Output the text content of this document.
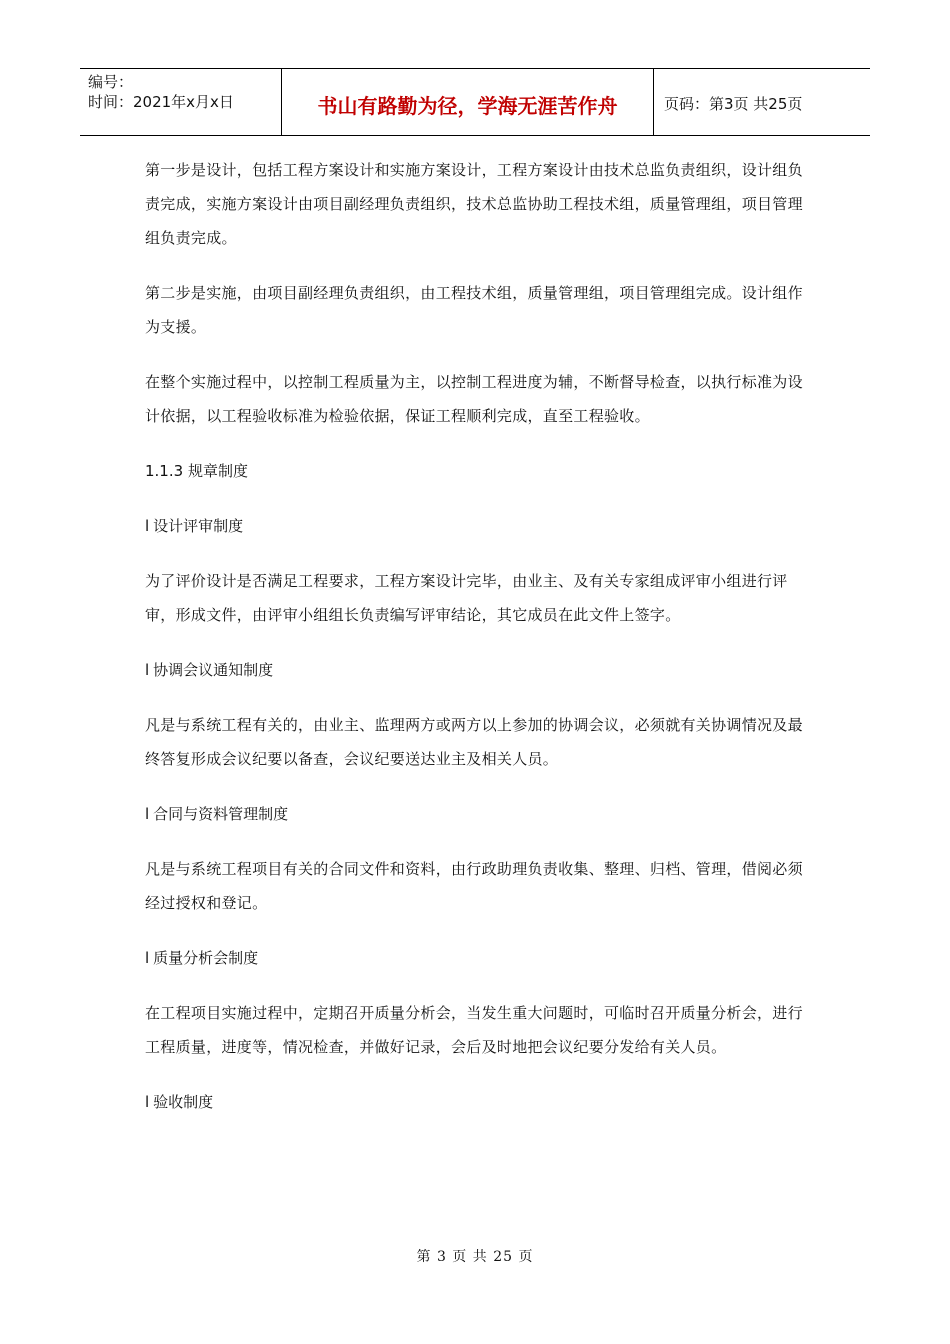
编号：
时间：2021年x月x日	书山有路勤为径，学海无涯苦作舟	页码：第3页 共25页

第一步是设计，包括工程方案设计和实施方案设计，工程方案设计由技术总监负责组织，设计组负责完成，实施方案设计由项目副经理负责组织，技术总监协助工程技术组，质量管理组，项目管理组负责完成。

第二步是实施，由项目副经理负责组织，由工程技术组，质量管理组，项目管理组完成。设计组作为支援。

在整个实施过程中，以控制工程质量为主，以控制工程进度为辅，不断督导检查，以执行标准为设计依据，以工程验收标准为检验依据，保证工程顺利完成，直至工程验收。

1.1.3 规章制度
l 设计评审制度

为了评价设计是否满足工程要求，工程方案设计完毕，由业主、及有关专家组成评审小组进行评审，形成文件，由评审小组组长负责编写评审结论，其它成员在此文件上签字。

l 协调会议通知制度

凡是与系统工程有关的，由业主、监理两方或两方以上参加的协调会议，必须就有关协调情况及最终答复形成会议纪要以备查，会议纪要送达业主及相关人员。

l 合同与资料管理制度

凡是与系统工程项目有关的合同文件和资料，由行政助理负责收集、整理、归档、管理，借阅必须经过授权和登记。

l 质量分析会制度

在工程项目实施过程中，定期召开质量分析会，当发生重大问题时，可临时召开质量分析会，进行工程质量，进度等，情况检查，并做好记录，会后及时地把会议纪要分发给有关人员。

l 验收制度
第 3 页 共 25 页
